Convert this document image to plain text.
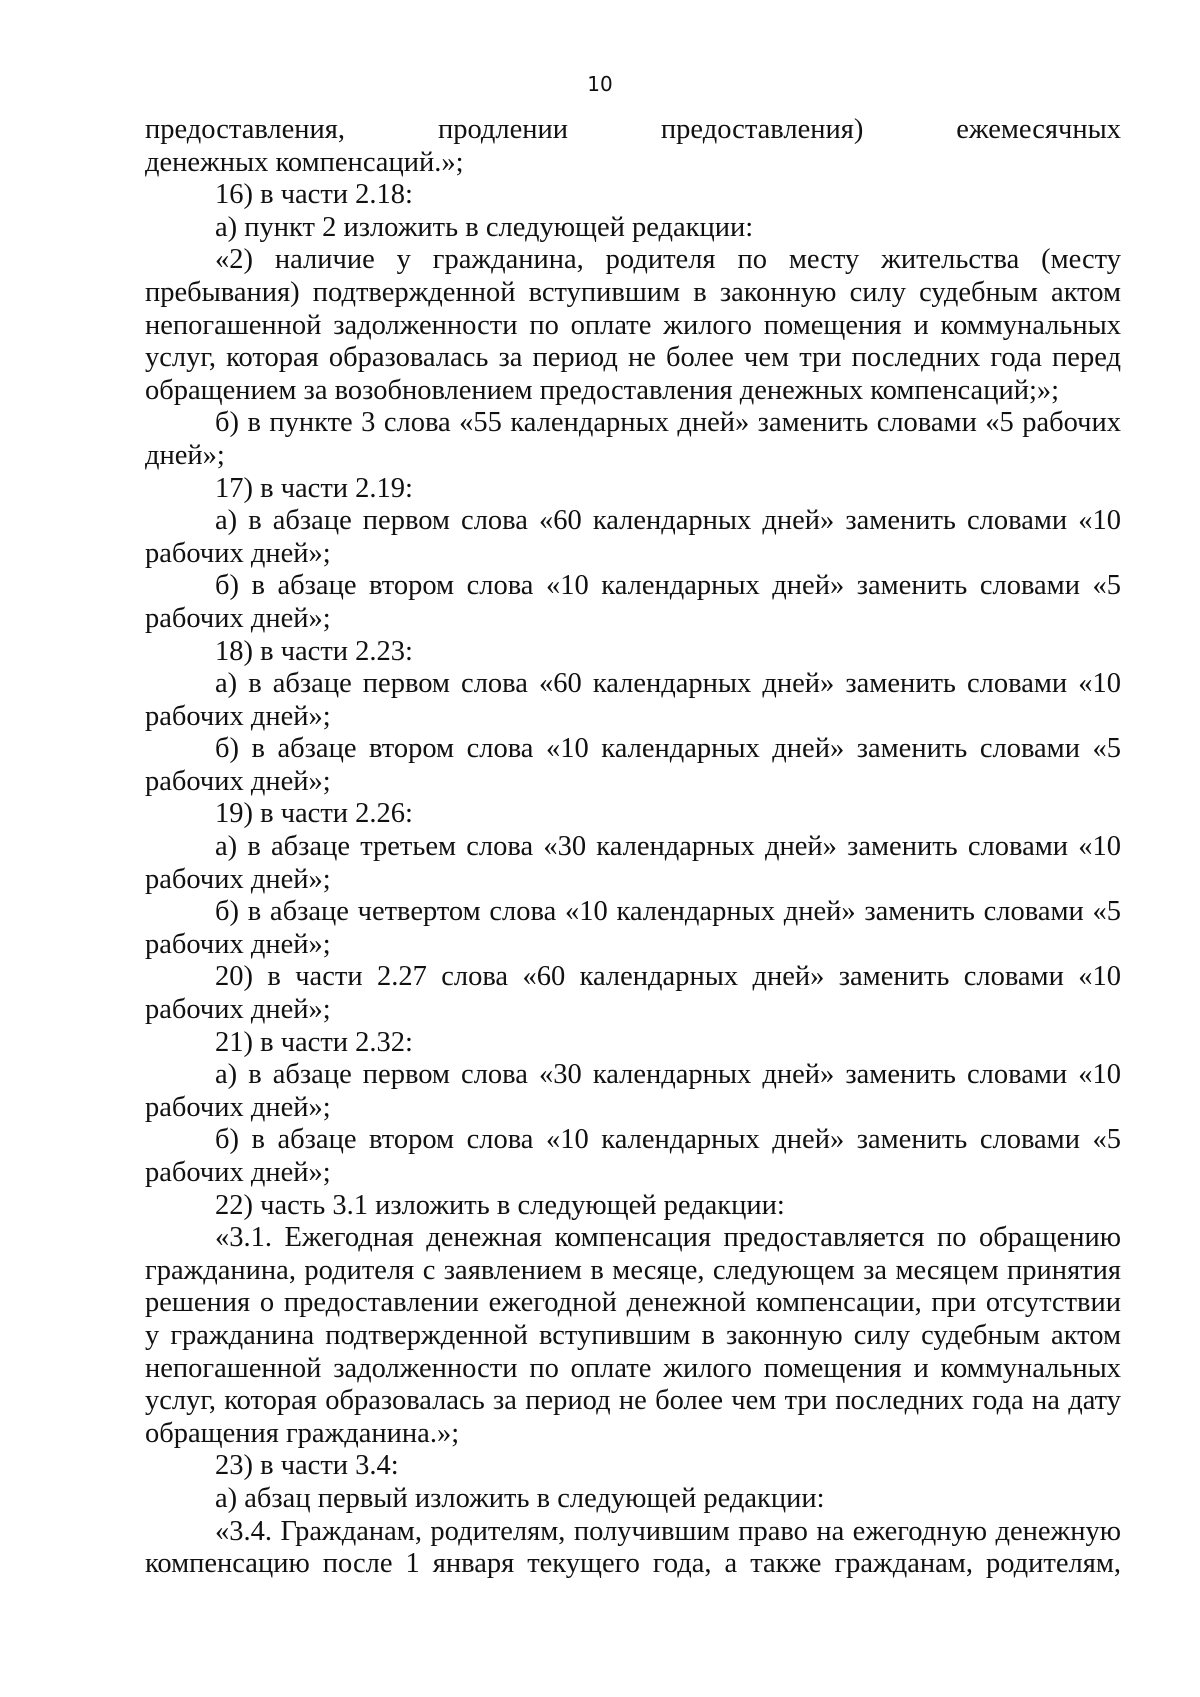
10

предоставления, продлении предоставления) ежемесячных

денежных компенсаций.»;

16) в части 2.18:

а) пункт 2 изложить в следующей редакции:

«2) наличие у гражданина, родителя по месту жительства (месту пребывания) подтвержденной вступившим в законную силу судебным актом непогашенной задолженности по оплате жилого помещения и коммунальных услуг, которая образовалась за период не более чем три последних года перед обращением за возобновлением предоставления денежных компенсаций;»;

б) в пункте 3 слова «55 календарных дней» заменить словами «5 рабочих дней»;

17) в части 2.19:

а) в абзаце первом слова «60 календарных дней» заменить словами «10 рабочих дней»;

б) в абзаце втором слова «10 календарных дней» заменить словами «5 рабочих дней»;

18) в части 2.23:

а) в абзаце первом слова «60 календарных дней» заменить словами «10 рабочих дней»;

б) в абзаце втором слова «10 календарных дней» заменить словами «5 рабочих дней»;

19) в части 2.26:

а) в абзаце третьем слова «30 календарных дней» заменить словами «10 рабочих дней»;

б) в абзаце четвертом слова «10 календарных дней» заменить словами «5 рабочих дней»;

20) в части 2.27 слова «60 календарных дней» заменить словами «10 рабочих дней»;

21) в части 2.32:

а) в абзаце первом слова «30 календарных дней» заменить словами «10 рабочих дней»;

б) в абзаце втором слова «10 календарных дней» заменить словами «5 рабочих дней»;

22) часть 3.1 изложить в следующей редакции:

«3.1. Ежегодная денежная компенсация предоставляется по обращению гражданина, родителя с заявлением в месяце, следующем за месяцем принятия решения о предоставлении ежегодной денежной компенсации, при отсутствии у гражданина подтвержденной вступившим в законную силу судебным актом непогашенной задолженности по оплате жилого помещения и коммунальных услуг, которая образовалась за период не более чем три последних года на дату обращения гражданина.»;

23) в части 3.4:

а) абзац первый изложить в следующей редакции:

«3.4. Гражданам, родителям, получившим право на ежегодную денежную компенсацию после 1 января текущего года, а также гражданам, родителям,
